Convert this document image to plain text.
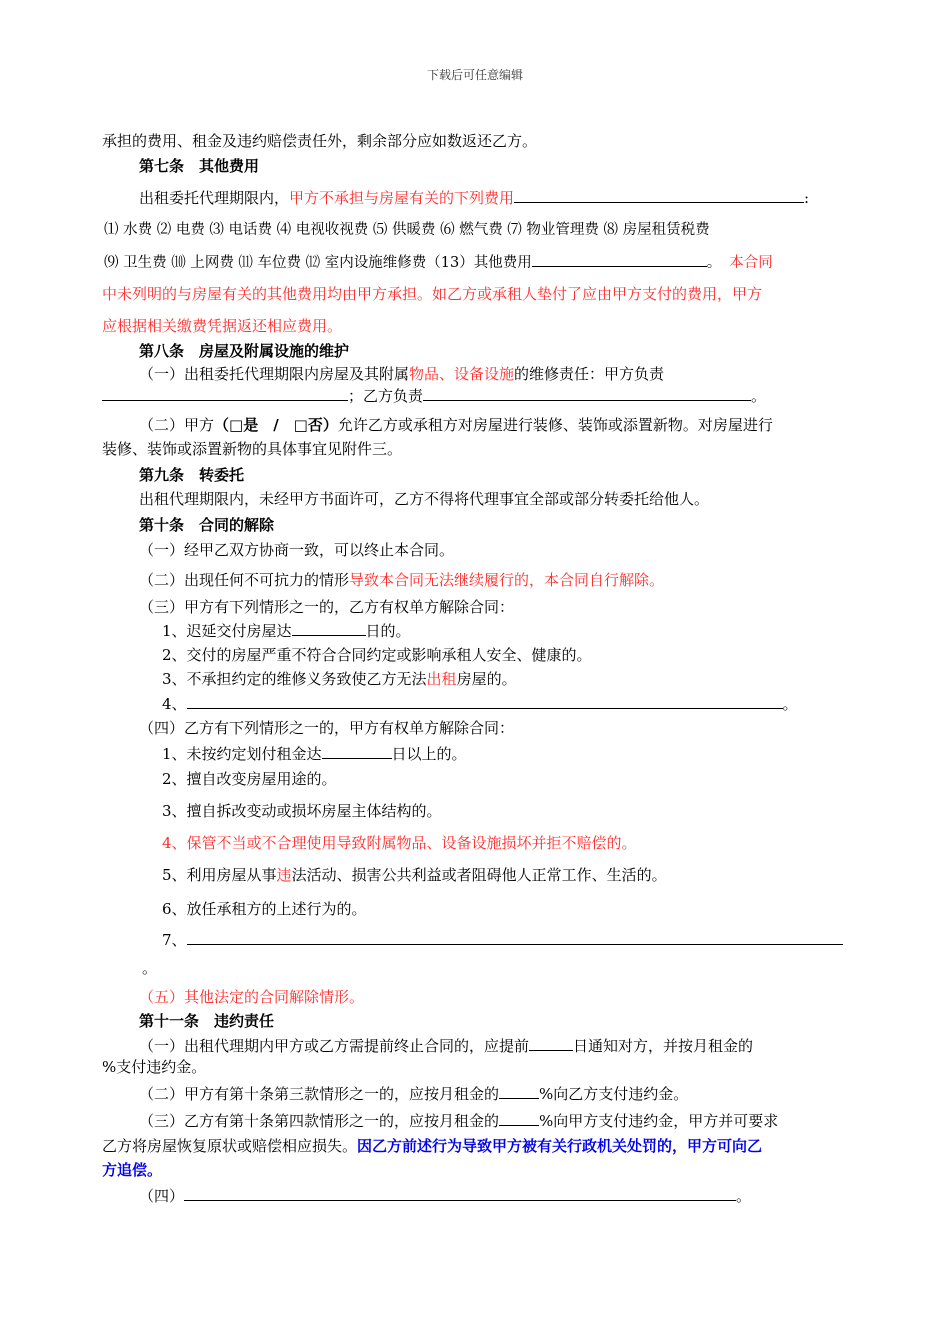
下载后可任意编辑
承担的费用、租金及违约赔偿责任外，剩余部分应如数返还乙方。
第七条　其他费用
出租委托代理期限内，甲方不承担与房屋有关的下列费用	:
⑴ 水费 ⑵ 电费 ⑶ 电话费 ⑷ 电视收视费 ⑸ 供暖费 ⑹ 燃气费 ⑺ 物业管理费 ⑻ 房屋租赁税费
⑼ 卫生费 ⑽ 上网费 ⑾ 车位费 ⑿ 室内设施维修费（13）其他费用	。 本合同
中未列明的与房屋有关的其他费用均由甲方承担。如乙方或承租人垫付了应由甲方支付的费用，甲方
应根据相关缴费凭据返还相应费用。
第八条　房屋及附属设施的维护
（一）出租委托代理期限内房屋及其附属物品、设备设施的维修责任：甲方负责
；乙方负责	。
（二）甲方（□是　/　□否）允许乙方或承租方对房屋进行装修、装饰或添置新物。对房屋进行
装修、装饰或添置新物的具体事宜见附件三。
第九条　转委托
出租代理期限内，未经甲方书面许可，乙方不得将代理事宜全部或部分转委托给他人。
第十条　合同的解除
（一）经甲乙双方协商一致，可以终止本合同。
（二）出现任何不可抗力的情形导致本合同无法继续履行的，本合同自行解除。
（三）甲方有下列情形之一的，乙方有权单方解除合同：
1、迟延交付房屋达	日的。
2、交付的房屋严重不符合合同约定或影响承租人安全、健康的。
3、不承担约定的维修义务致使乙方无法出租房屋的。
4、	。
（四）乙方有下列情形之一的，甲方有权单方解除合同：
1、未按约定划付租金达	日以上的。
2、擅自改变房屋用途的。
3、擅自拆改变动或损坏房屋主体结构的。
4、保管不当或不合理使用导致附属物品、设备设施损坏并拒不赔偿的。
5、利用房屋从事违法活动、损害公共利益或者阻碍他人正常工作、生活的。
6、放任承租方的上述行为的。
7、
。
（五）其他法定的合同解除情形。
第十一条　违约责任
（一）出租代理期内甲方或乙方需提前终止合同的，应提前	日通知对方，并按月租金的
%支付违约金。
（二）甲方有第十条第三款情形之一的，应按月租金的	%向乙方支付违约金。
（三）乙方有第十条第四款情形之一的，应按月租金的	%向甲方支付违约金，甲方并可要求
乙方将房屋恢复原状或赔偿相应损失。因乙方前述行为导致甲方被有关行政机关处罚的，甲方可向乙
方追偿。
（四）	。
